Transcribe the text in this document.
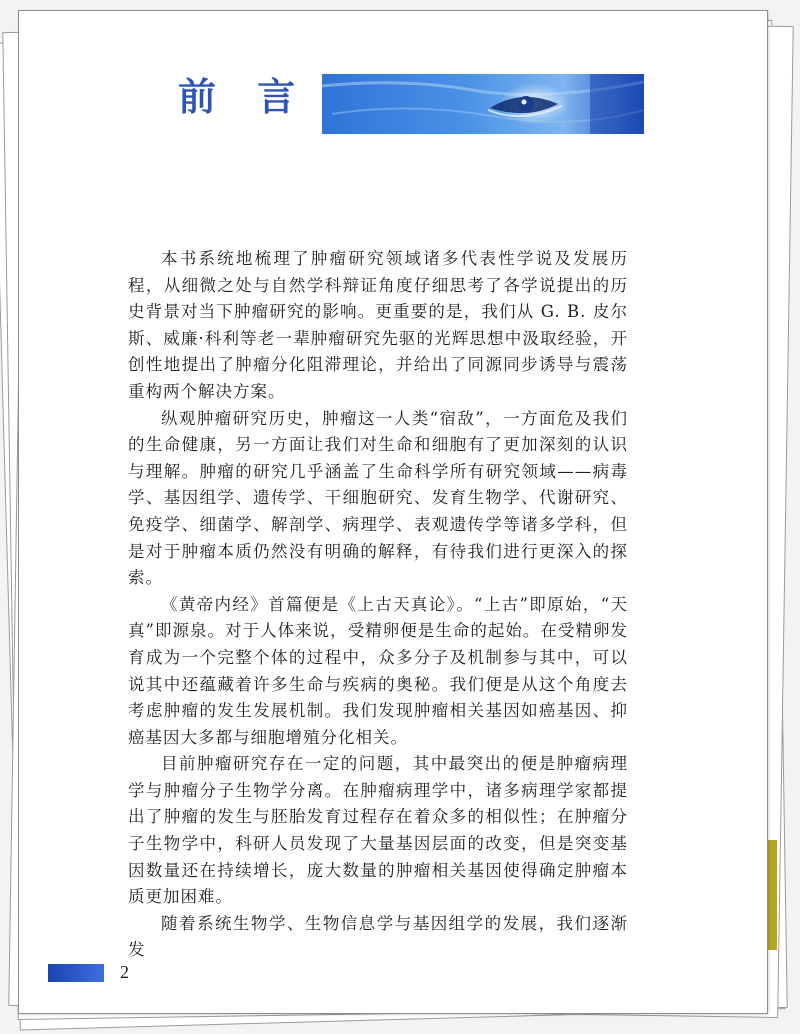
前 言

本书系统地梳理了肿瘤研究领域诸多代表性学说及发展历程，从细微之处与自然学科辩证角度仔细思考了各学说提出的历史背景对当下肿瘤研究的影响。更重要的是，我们从 G. B. 皮尔斯、威廉·科利等老一辈肿瘤研究先驱的光辉思想中汲取经验，开创性地提出了肿瘤分化阻滞理论，并给出了同源同步诱导与震荡重构两个解决方案。

纵观肿瘤研究历史，肿瘤这一人类“宿敌”，一方面危及我们的生命健康，另一方面让我们对生命和细胞有了更加深刻的认识与理解。肿瘤的研究几乎涵盖了生命科学所有研究领域——病毒学、基因组学、遗传学、干细胞研究、发育生物学、代谢研究、免疫学、细菌学、解剖学、病理学、表观遗传学等诸多学科，但是对于肿瘤本质仍然没有明确的解释，有待我们进行更深入的探索。

《黄帝内经》首篇便是《上古天真论》。“上古”即原始，“天真”即源泉。对于人体来说，受精卵便是生命的起始。在受精卵发育成为一个完整个体的过程中，众多分子及机制参与其中，可以说其中还蕴藏着许多生命与疾病的奥秘。我们便是从这个角度去考虑肿瘤的发生发展机制。我们发现肿瘤相关基因如癌基因、抑癌基因大多都与细胞增殖分化相关。

目前肿瘤研究存在一定的问题，其中最突出的便是肿瘤病理学与肿瘤分子生物学分离。在肿瘤病理学中，诸多病理学家都提出了肿瘤的发生与胚胎发育过程存在着众多的相似性；在肿瘤分子生物学中，科研人员发现了大量基因层面的改变，但是突变基因数量还在持续增长，庞大数量的肿瘤相关基因使得确定肿瘤本质更加困难。

随着系统生物学、生物信息学与基因组学的发展，我们逐渐发

2
